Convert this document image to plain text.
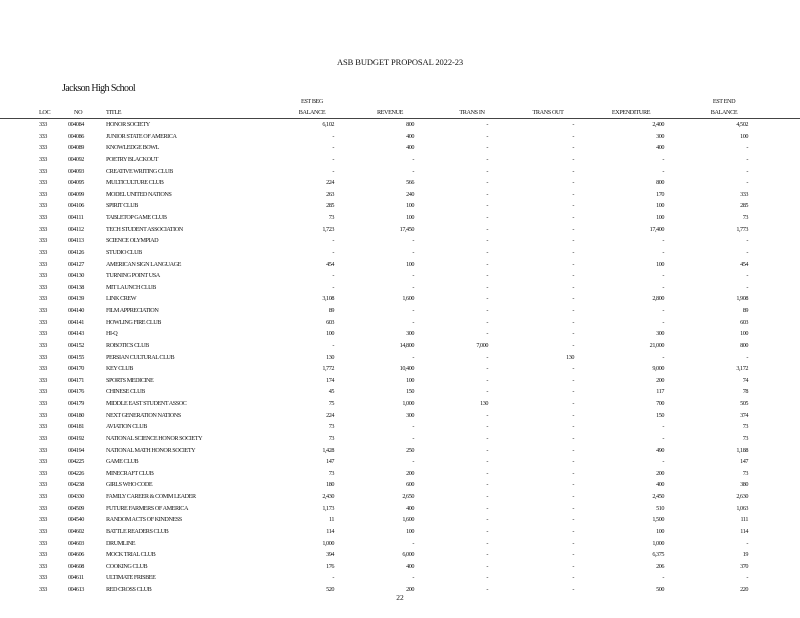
ASB BUDGET PROPOSAL 2022-23
Jackson High School
LOC	NO	TITLE
EST BEG
BALANCE	REVENUE	TRANS IN	TRANS OUT	EXPENDITURE
EST END
BALANCE
333	004084	HONOR SOCIETY	6,102	800	-	-	2,400	4,502
333	004086	JUNIOR STATE OF AMERICA	-	400	-	-	300	100
333	004089	KNOWLEDGE BOWL	-	400	-	-	400	-
333	004092	POETRY BLACKOUT	-	-	-	-	-	-
333	004093	CREATIVE WRITING CLUB	-	-	-	-	-	-
333	004095	MULTICULTURE CLUB	224	566	-	-	800	-
333	004099	MODEL UNITED NATIONS	263	240	-	-	170	333
333	004106	SPIRIT CLUB	285	100	-	-	100	285
333	004111	TABLETOP GAME CLUB	73	100	-	-	100	73
333	004112	TECH STUDENT ASSOCIATION	1,723	17,450	-	-	17,400	1,773
333	004113	SCIENCE OLYMPIAD	-	-	-	-	-	-
333	004126	STUDIO CLUB	-	-	-	-	-	-
333	004127	AMERICAN SIGN LANGUAGE	454	100	-	-	100	454
333	004130	TURNING POINT USA	-	-	-	-	-	-
333	004138	MIT LAUNCH CLUB	-	-	-	-	-	-
333	004139	LINK CREW	3,108	1,600	-	-	2,800	1,908
333	004140	FILM APPRECIATION	89	-	-	-	-	89
333	004141	HOWLING FIRE CLUB	603	-	-	-	-	603
333	004143	HI-Q	100	300	-	-	300	100
333	004152	ROBOTICS CLUB	-	14,800	7,000	-	21,000	800
333	004155	PERSIAN CULTURAL CLUB	130	-	-	130	-	-
333	004170	KEY CLUB	1,772	10,400	-	-	9,000	3,172
333	004171	SPORTS MEDICINE	174	100	-	-	200	74
333	004176	CHINESE CLUB	45	150	-	-	117	78
333	004179	MIDDLE EAST STUDENT ASSOC	75	1,000	130	-	700	505
333	004180	NEXT GENERATION NATIONS	224	300	-	-	150	374
333	004181	AVIATION CLUB	73	-	-	-	-	73
333	004192	NATIONAL SCIENCE HONOR SOCIETY	73	-	-	-	-	73
333	004194	NATIONAL MATH HONOR SOCIETY	1,428	250	-	-	490	1,188
333	004225	GAME CLUB	147	-	-	-	-	147
333	004226	MINECRAFT CLUB	73	200	-	-	200	73
333	004238	GIRLS WHO CODE	180	600	-	-	400	380
333	004330	FAMILY CAREER & COMM LEADER	2,430	2,650	-	-	2,450	2,630
333	004509	FUTURE FARMERS OF AMERICA	1,173	400	-	-	510	1,063
333	004540	RANDOM ACTS OF KINDNESS	11	1,600	-	-	1,500	111
333	004602	BATTLE READERS CLUB	114	100	-	-	100	114
333	004603	DRUMLINE	1,000	-	-	-	1,000	-
333	004606	MOCK TRIAL CLUB	394	6,000	-	-	6,375	19
333	004608	COOKING CLUB	176	400	-	-	206	370
333	004611	ULTIMATE FRISBEE	-	-	-	-	-	-
333	004613	RED CROSS CLUB	520	200	-	-	500	220
22
